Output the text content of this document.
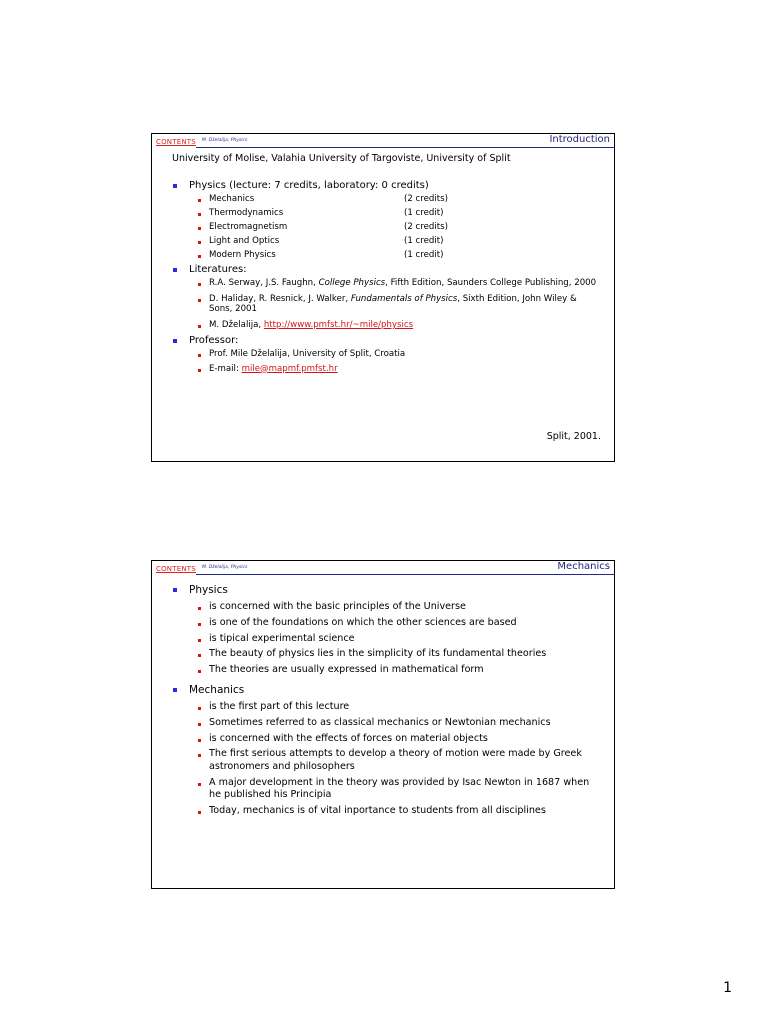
CONTENTS M. Dželalija, Physics	Introduction
University of Molise, Valahia University of Targoviste, University of Split
Physics (lecture: 7 credits, laboratory: 0 credits)
Mechanics	(2 credits)
Thermodynamics	(1 credit)
Electromagnetism	(2 credits)
Light and Optics	(1 credit)
Modern Physics	(1 credit)
Literatures:
R.A. Serway, J.S. Faughn, College Physics, Fifth Edition, Saunders College Publishing, 2000
D. Haliday, R. Resnick, J. Walker, Fundamentals of Physics, Sixth Edition, John Wiley & Sons, 2001
M. Dželalija, http://www.pmfst.hr/~mile/physics
Professor:
Prof. Mile Dželalija, University of Split, Croatia
E-mail: mile@mapmf.pmfst.hr
Split, 2001.
CONTENTS M. Dželalija, Physics	Mechanics
Physics
is concerned with the basic principles of the Universe
is one of the foundations on which the other sciences are based
is tipical experimental science
The beauty of physics lies in the simplicity of its fundamental theories
The theories are usually expressed in mathematical form
Mechanics
is the first part of this lecture
Sometimes referred to as classical mechanics or Newtonian mechanics
is concerned with the effects of forces on material objects
The first serious attempts to develop a theory of motion were made by Greek astronomers and philosophers
A major development in the theory was provided by Isac Newton in 1687 when he published his Principia
Today, mechanics is of vital inportance to students from all disciplines
1
